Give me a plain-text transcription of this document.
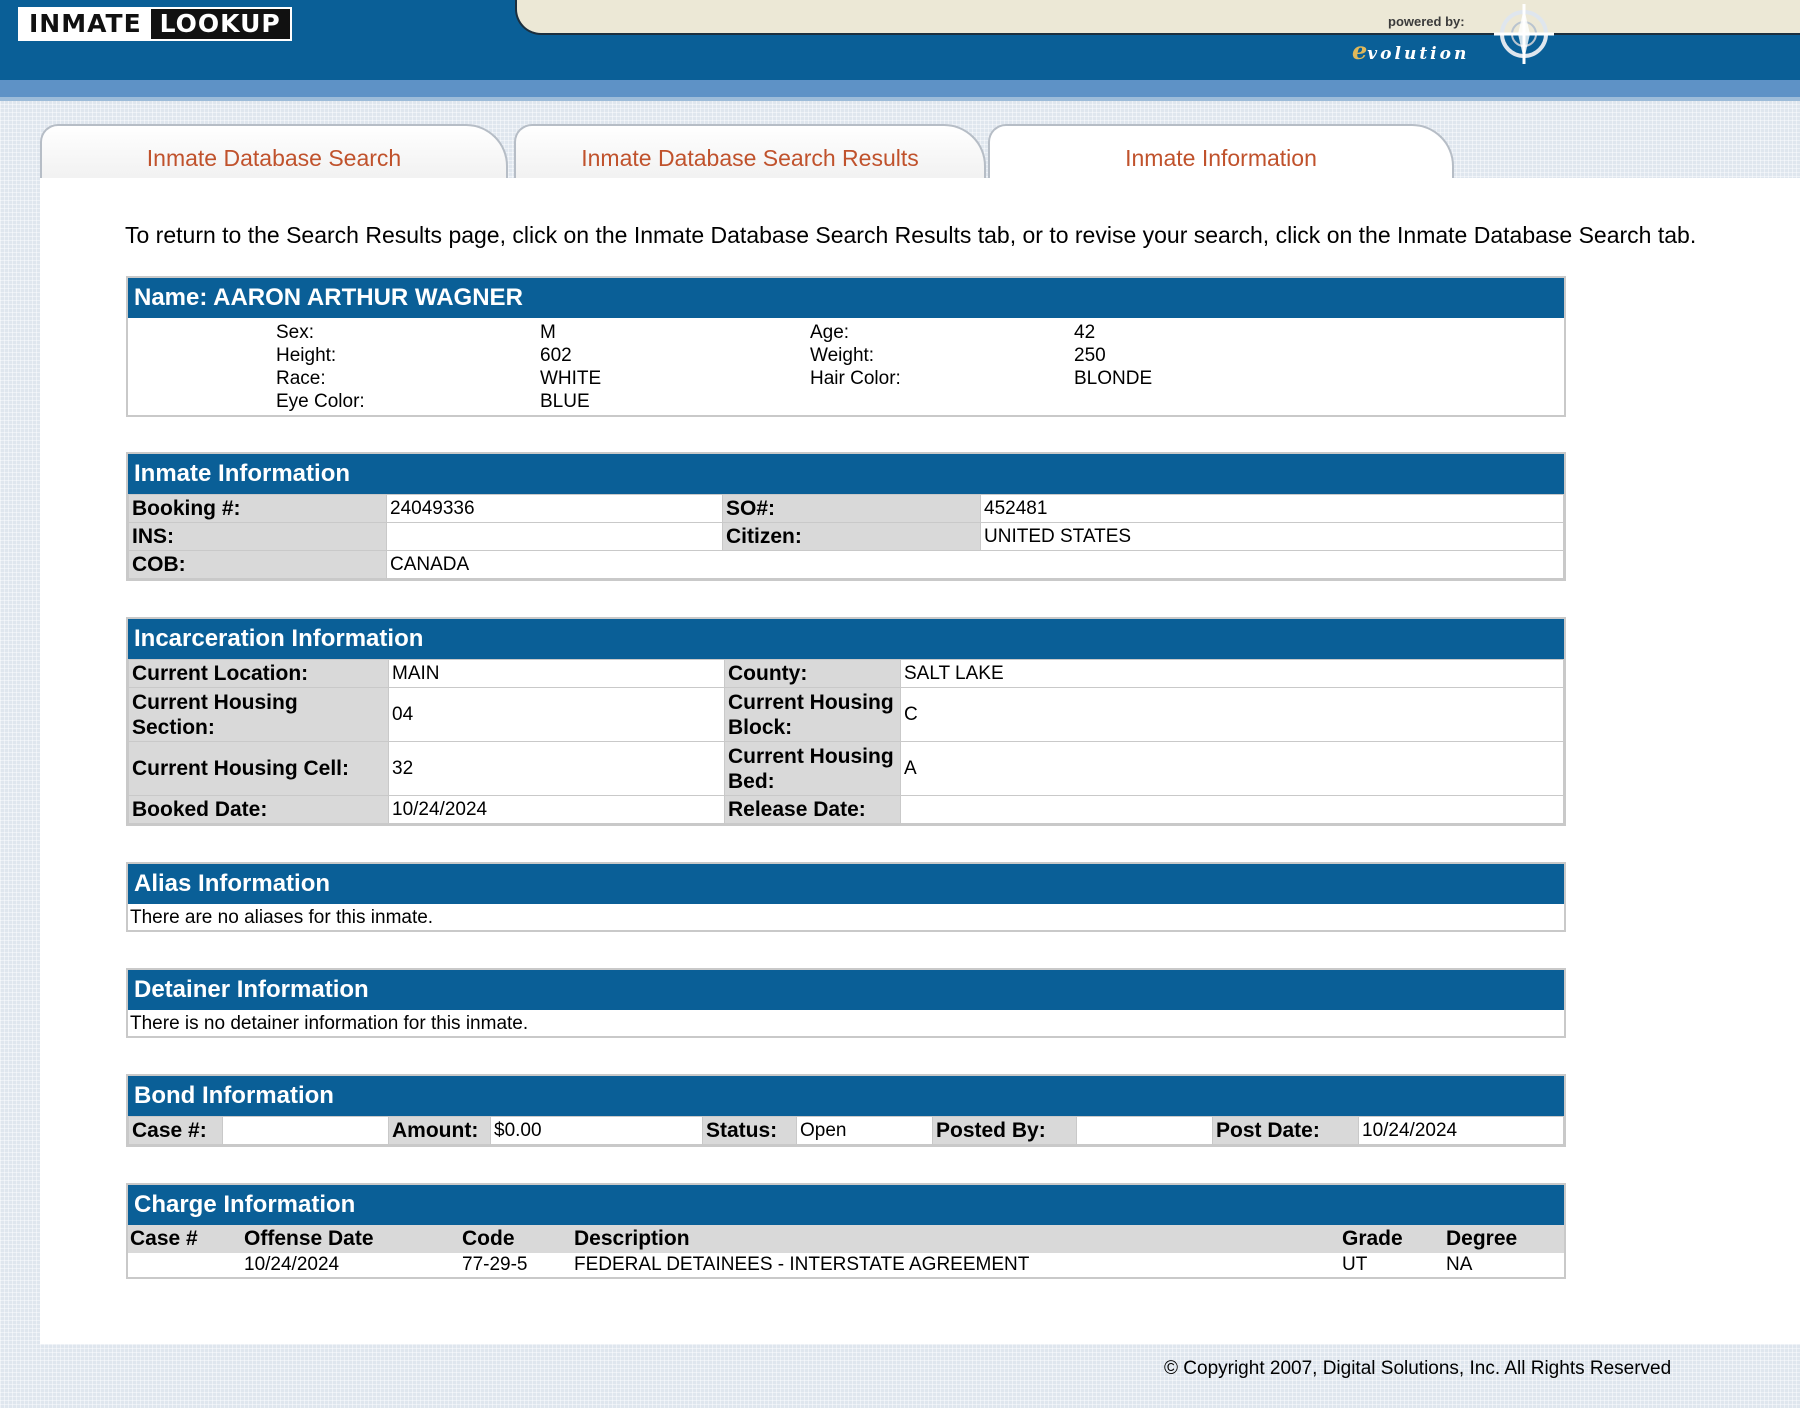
INMATE LOOKUP	powered by:
evolution
Inmate Database Search	Inmate Database Search Results	Inmate Information
To return to the Search Results page, click on the Inmate Database Search Results tab, or to revise your search, click on the Inmate Database Search tab.
Name: AARON ARTHUR WAGNER
	Sex:	M	Age:	42	
	Height:	602	Weight:	250	
	Race:	WHITE	Hair Color:	BLONDE	
	Eye Color:	BLUE			
Inmate Information
Booking #:	24049336	SO#:	452481
INS:		Citizen:	UNITED STATES
COB:	CANADA		
Incarceration Information
Current Location:	MAIN	County:	SALT LAKE
Current Housing Section:	04	Current Housing Block:	C
Current Housing Cell:	32	Current Housing Bed:	A
Booked Date:	10/24/2024	Release Date:	
Alias Information
There are no aliases for this inmate.
Detainer Information
There is no detainer information for this inmate.
Bond Information
Case #:		Amount:	$0.00	Status:	Open	Posted By:		Post Date:	10/24/2024
Charge Information
Case #	Offense Date	Code	Description	Grade	Degree
	10/24/2024	77-29-5	FEDERAL DETAINEES - INTERSTATE AGREEMENT	UT	NA
© Copyright 2007, Digital Solutions, Inc. All Rights Reserved
